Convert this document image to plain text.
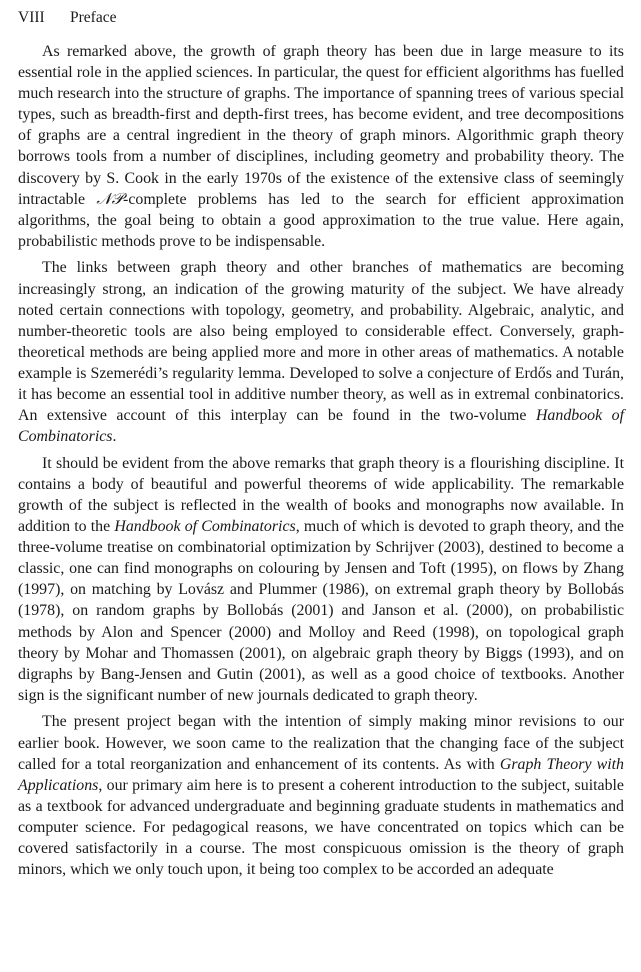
VIII Preface

As remarked above, the growth of graph theory has been due in large measure to its essential role in the applied sciences. In particular, the quest for efficient algorithms has fuelled much research into the structure of graphs. The importance of spanning trees of various special types, such as breadth-first and depth-first trees, has become evident, and tree decompositions of graphs are a central ingredient in the theory of graph minors. Algorithmic graph theory borrows tools from a number of disciplines, including geometry and probability theory. The discovery by S. Cook in the early 1970s of the existence of the extensive class of seemingly intractable 𝒩𝒫-complete problems has led to the search for efficient approximation algorithms, the goal being to obtain a good approximation to the true value. Here again, probabilistic methods prove to be indispensable.

The links between graph theory and other branches of mathematics are becoming increasingly strong, an indication of the growing maturity of the subject. We have already noted certain connections with topology, geometry, and probability. Algebraic, analytic, and number-theoretic tools are also being employed to considerable effect. Conversely, graph-theoretical methods are being applied more and more in other areas of mathematics. A notable example is Szemerédi’s regularity lemma. Developed to solve a conjecture of Erdős and Turán, it has become an essential tool in additive number theory, as well as in extremal conbinatorics. An extensive account of this interplay can be found in the two-volume Handbook of Combinatorics.

It should be evident from the above remarks that graph theory is a flourishing discipline. It contains a body of beautiful and powerful theorems of wide applicability. The remarkable growth of the subject is reflected in the wealth of books and monographs now available. In addition to the Handbook of Combinatorics, much of which is devoted to graph theory, and the three-volume treatise on combinatorial optimization by Schrijver (2003), destined to become a classic, one can find monographs on colouring by Jensen and Toft (1995), on flows by Zhang (1997), on matching by Lovász and Plummer (1986), on extremal graph theory by Bollobás (1978), on random graphs by Bollobás (2001) and Janson et al. (2000), on probabilistic methods by Alon and Spencer (2000) and Molloy and Reed (1998), on topological graph theory by Mohar and Thomassen (2001), on algebraic graph theory by Biggs (1993), and on digraphs by Bang-Jensen and Gutin (2001), as well as a good choice of textbooks. Another sign is the significant number of new journals dedicated to graph theory.

The present project began with the intention of simply making minor revisions to our earlier book. However, we soon came to the realization that the changing face of the subject called for a total reorganization and enhancement of its contents. As with Graph Theory with Applications, our primary aim here is to present a coherent introduction to the subject, suitable as a textbook for advanced undergraduate and beginning graduate students in mathematics and computer science. For pedagogical reasons, we have concentrated on topics which can be covered satisfactorily in a course. The most conspicuous omission is the theory of graph minors, which we only touch upon, it being too complex to be accorded an adequate
